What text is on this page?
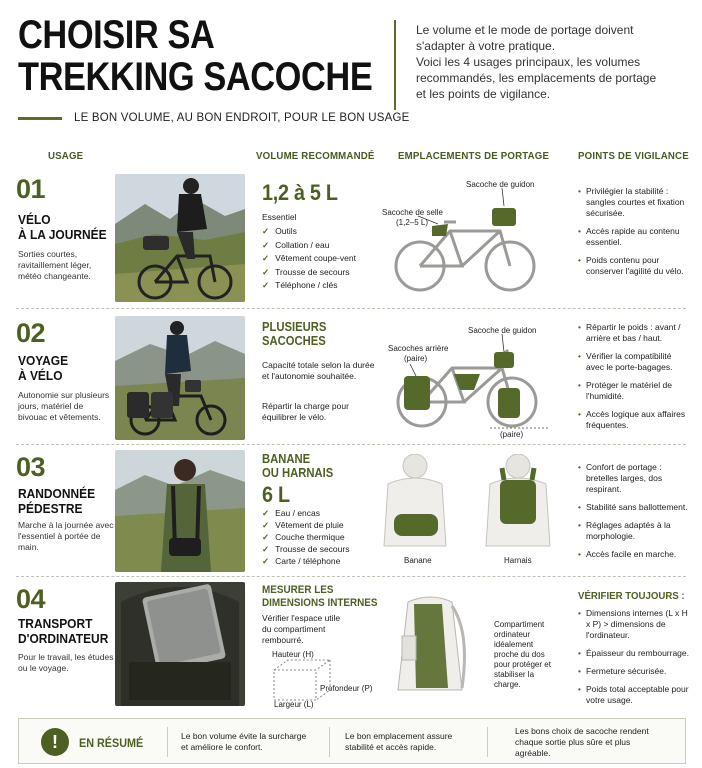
CHOISIR SA
TREKKING SACOCHE
LE BON VOLUME, AU BON ENDROIT, POUR LE BON USAGE

Le volume et le mode de portage doivent

s'adapter à votre pratique.

Voici les 4 usages principaux, les volumes

recommandés, les emplacements de portage

et les points de vigilance.

USAGE	VOLUME RECOMMANDÉ EMPLACEMENTS DE PORTAGE	POINTS DE VIGILANCE
01
VÉLO
À LA JOURNÉE
Sorties courtes, ravitaillement léger, météo changeante.
1,2 à 5 L
Essentiel
✓ Outils
✓ Collation / eau
✓ Vêtement coupe-vent
✓ Trousse de secours
✓ Téléphone / clés
Sacoche de guidon
Sacoche de selle
(1,2–5 L)
• Privilégier la stabilité : sangles courtes et fixation sécurisée.
• Accès rapide au contenu essentiel.
• Poids contenu pour conserver l'agilité du vélo.
02
VOYAGE
À VÉLO
Autonomie sur plusieurs jours, matériel de bivouac et vêtements.
PLUSIEURS
SACOCHES
Capacité totale selon la durée et l'autonomie souhaitée.
Répartir la charge pour équilibrer le vélo.
Sacoche de guidon
Sacoches arrière
(paire)
(paire)
• Répartir le poids : avant / arrière et bas / haut.
• Vérifier la compatibilité avec le porte-bagages.
• Protéger le matériel de l'humidité.
• Accès logique aux affaires fréquentes.
03
RANDONNÉE
PÉDESTRE
Marche à la journée avec l'essentiel à portée de main.
BANANE
OU HARNAIS
6 L
✓ Eau / encas
✓ Vêtement de pluie
✓ Couche thermique
✓ Trousse de secours
✓ Carte / téléphone	Banane	Harnais
• Confort de portage : bretelles larges, dos respirant.
• Stabilité sans ballottement.
• Réglages adaptés à la morphologie.
• Accès facile en marche.
04
TRANSPORT
D'ORDINATEUR
Pour le travail, les études ou le voyage.
MESURER LES
DIMENSIONS INTERNES
Vérifier l'espace utile du compartiment rembourré.
Hauteur (H)
Profondeur (P)
Largeur (L)
Compartiment ordinateur idéalement proche du dos pour protéger et stabiliser la charge.
VÉRIFIER TOUJOURS :
• Dimensions internes (L x H x P) > dimensions de l'ordinateur.
• Épaisseur du rembourrage.
• Fermeture sécurisée.
• Poids total acceptable pour votre usage.
!	EN RÉSUMÉ	Le bon volume évite la surcharge et améliore le confort.
Le bon emplacement assure stabilité et accès rapide.
Les bons choix de sacoche rendent chaque sortie plus sûre et plus agréable.
